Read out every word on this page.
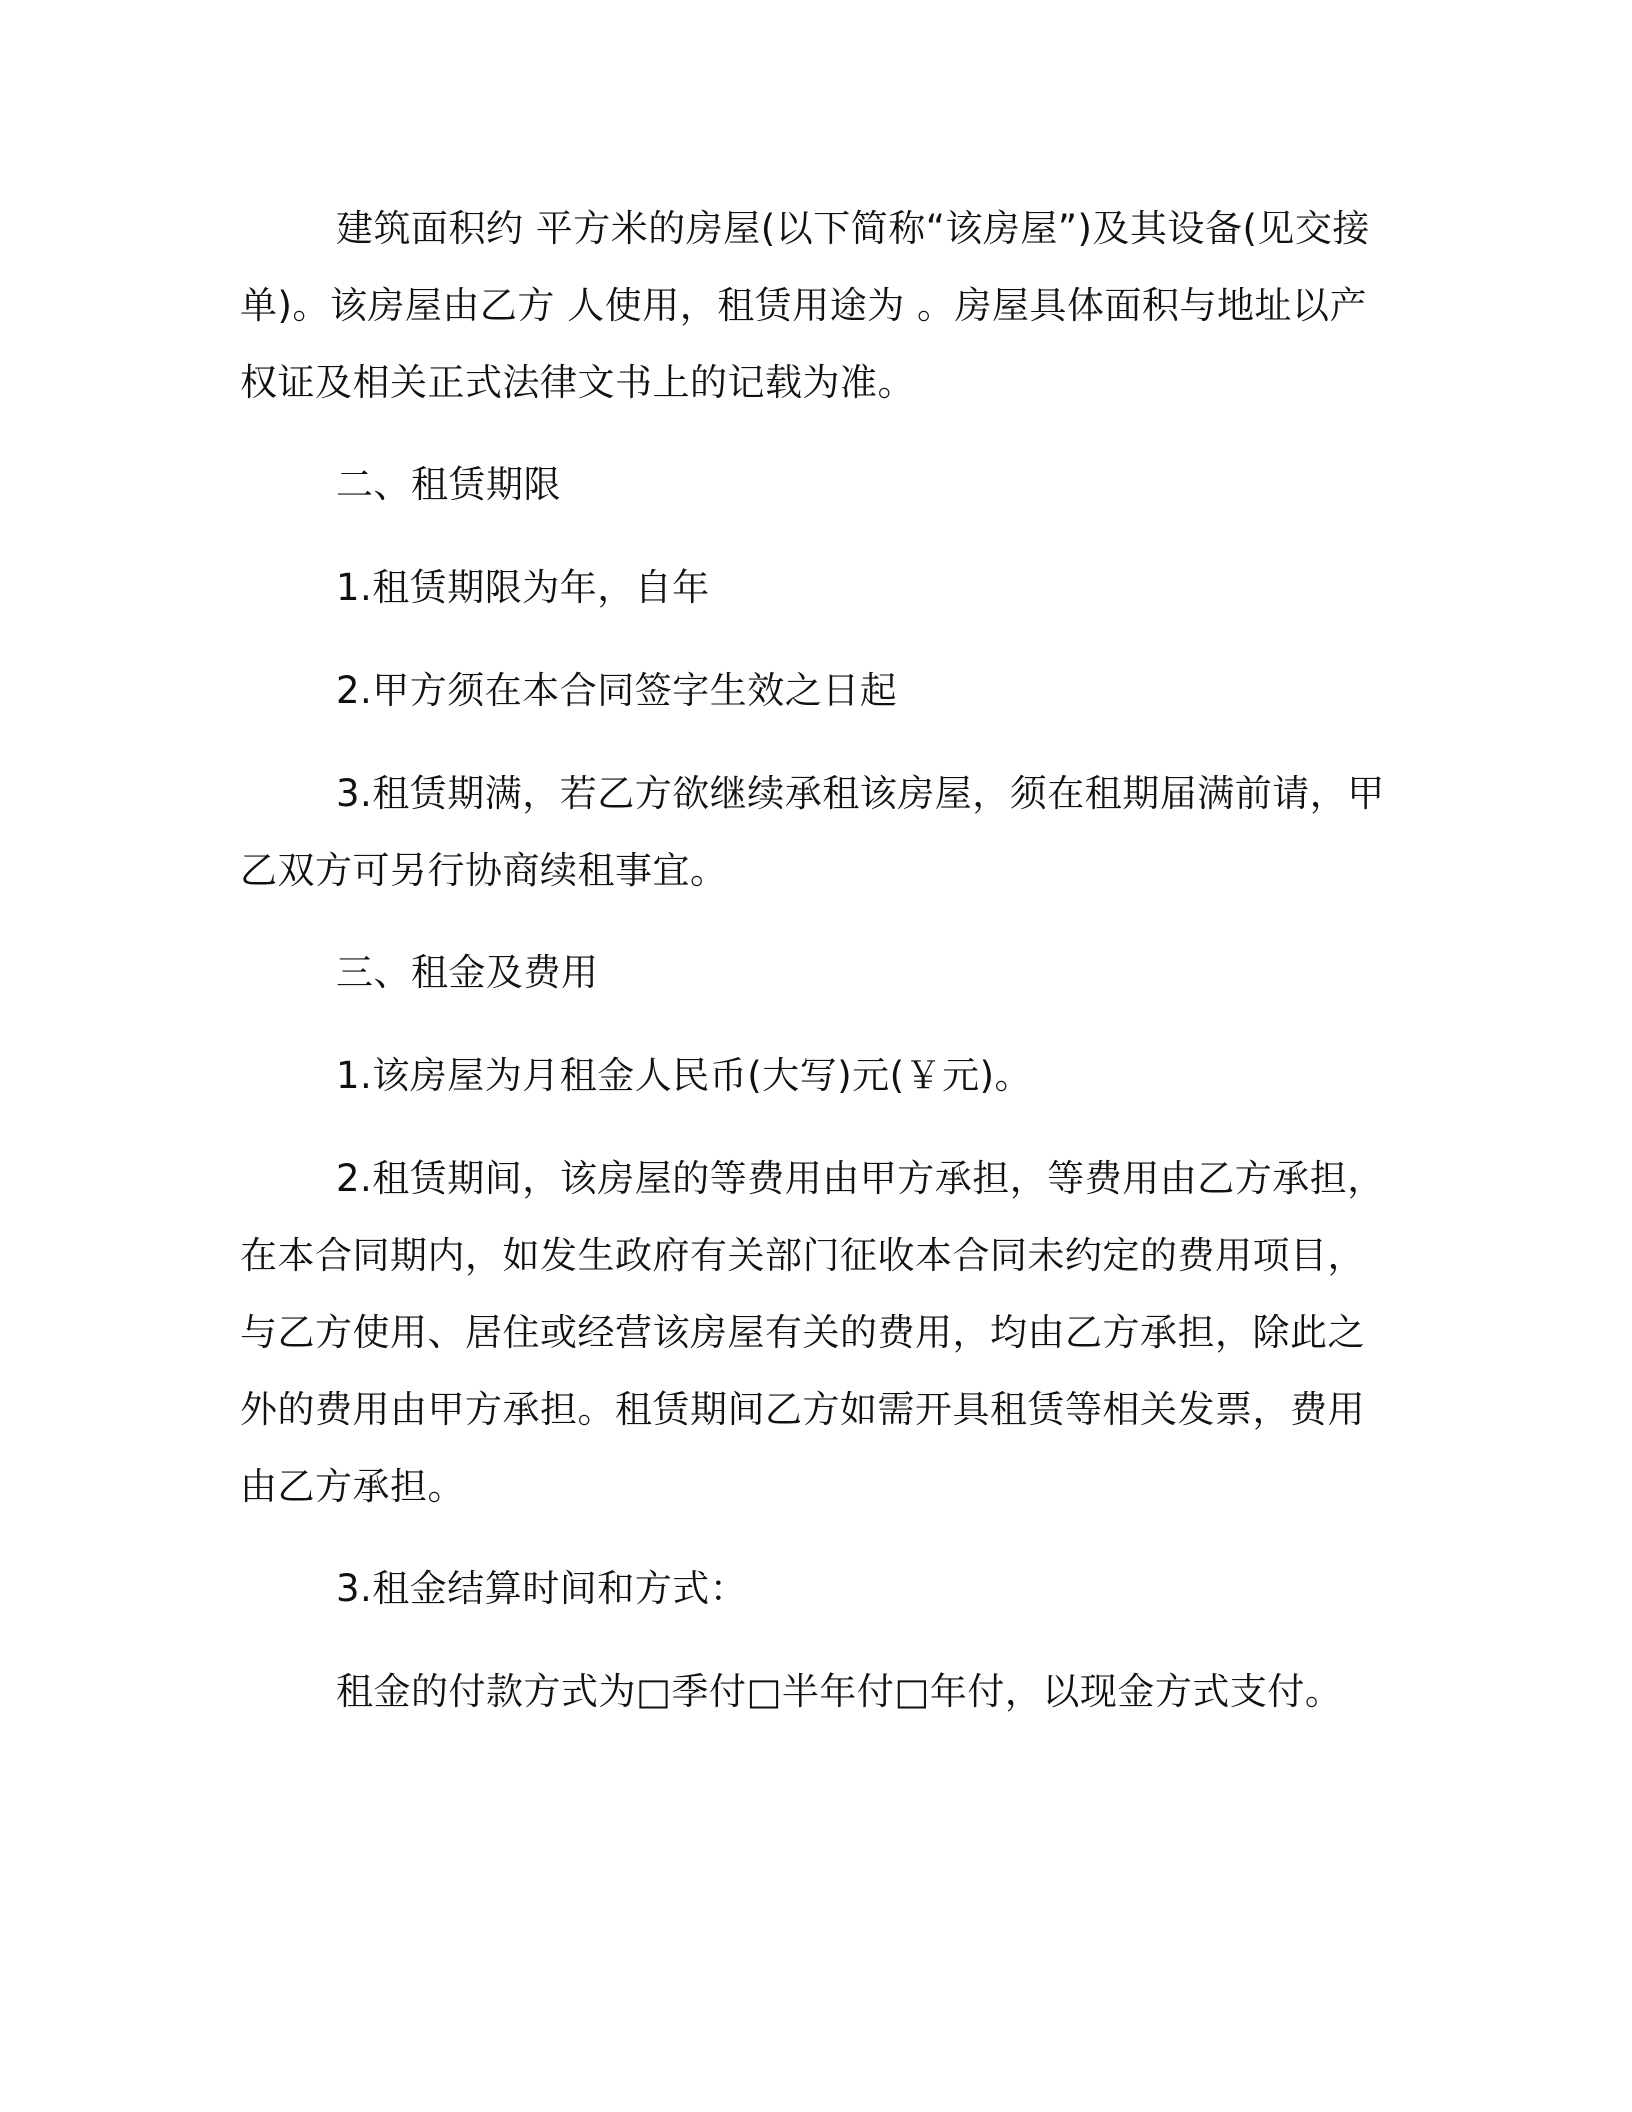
建筑面积约 平方米的房屋(以下简称“该房屋”)及其设备(见交接单)。该房屋由乙方 人使用，租赁用途为 。房屋具体面积与地址以产权证及相关正式法律文书上的记载为准。

二、租赁期限

1.租赁期限为年，自年

2.甲方须在本合同签字生效之日起

3.租赁期满，若乙方欲继续承租该房屋，须在租期届满前请，甲乙双方可另行协商续租事宜。

三、租金及费用

1.该房屋为月租金人民币(大写)元(￥元)。

2.租赁期间，该房屋的等费用由甲方承担，等费用由乙方承担，在本合同期内，如发生政府有关部门征收本合同未约定的费用项目，与乙方使用、居住或经营该房屋有关的费用，均由乙方承担，除此之外的费用由甲方承担。租赁期间乙方如需开具租赁等相关发票，费用由乙方承担。

3.租金结算时间和方式：

租金的付款方式为□季付□半年付□年付，以现金方式支付。
